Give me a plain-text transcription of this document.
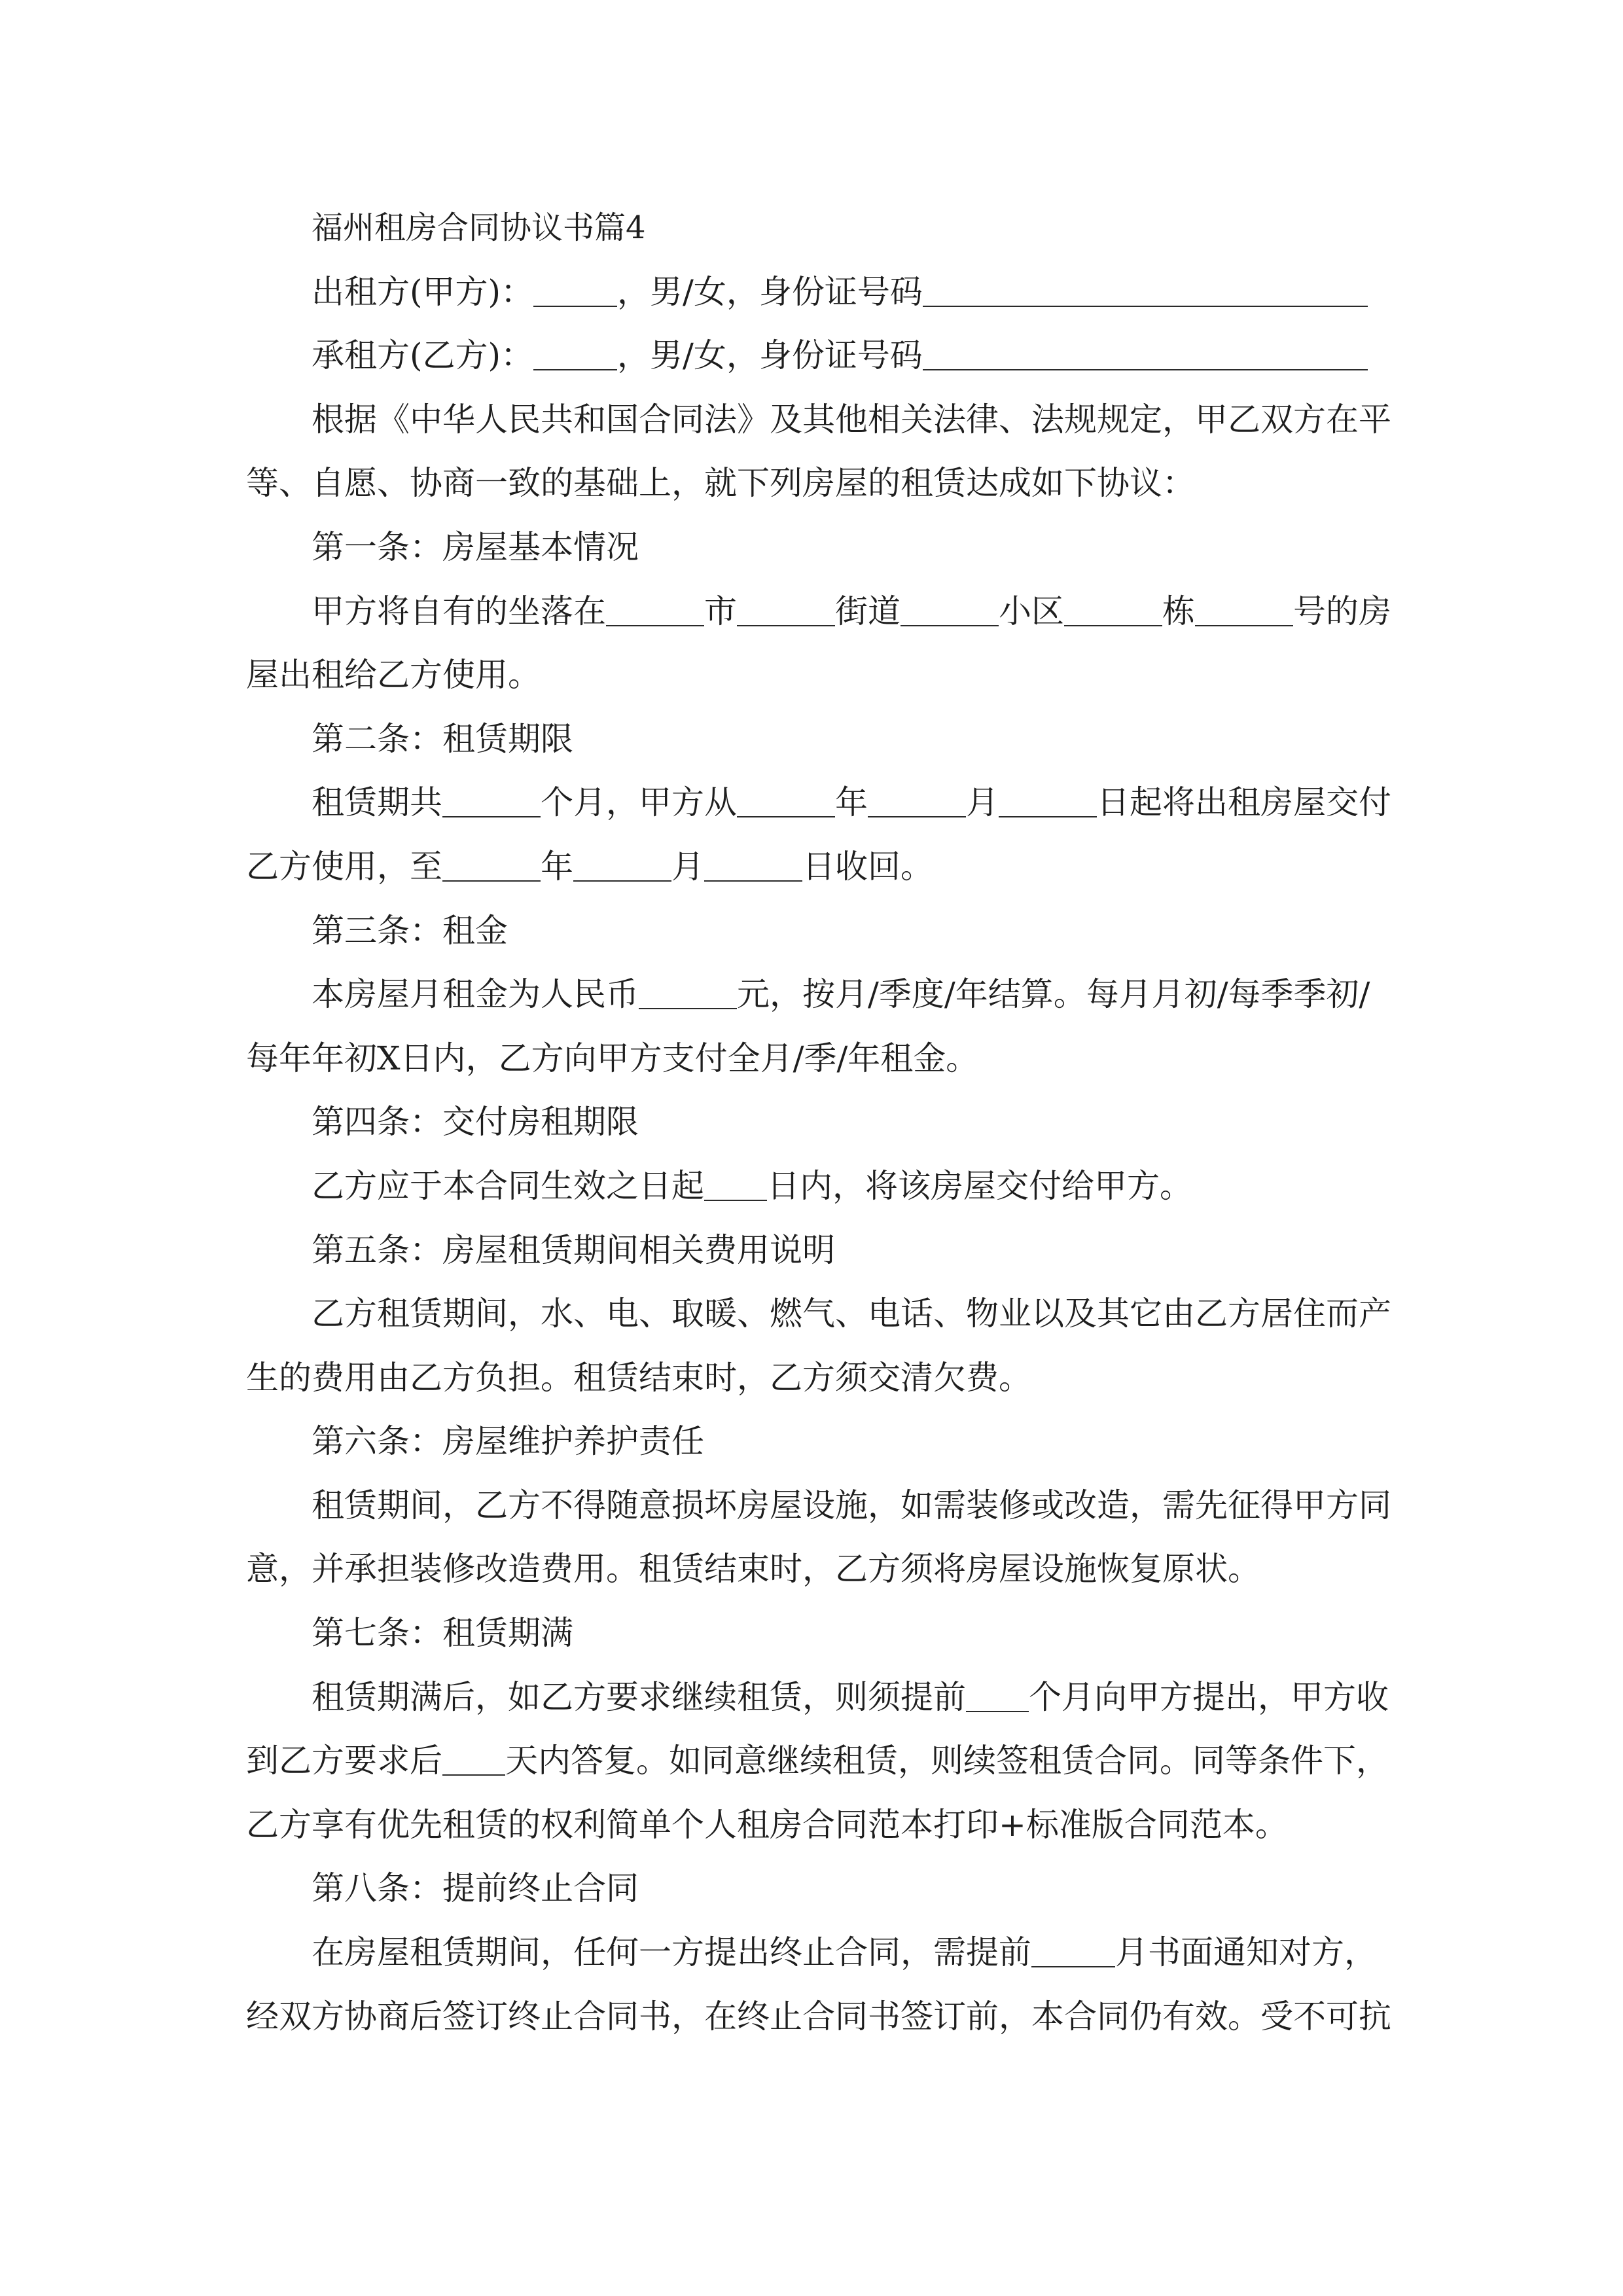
福州租房合同协议书篇4
出租方(甲方)：	，男/女，身份证号码
承租方(乙方)：	，男/女，身份证号码
根据《中华人民共和国合同法》及其他相关法律、法规规定，甲乙双方在平
等、自愿、协商一致的基础上，就下列房屋的租赁达成如下协议：
第一条：房屋基本情况
甲方将自有的坐落在	市	街道	小区	栋	号的房
屋出租给乙方使用。
第二条：租赁期限
租赁期共	个月，甲方从	年	月	日起将出租房屋交付
乙方使用，至	年	月	日收回。
第三条：租金
本房屋月租金为人民币	元，按月/季度/年结算。每月月初/每季季初/
每年年初X日内，乙方向甲方支付全月/季/年租金。
第四条：交付房租期限
乙方应于本合同生效之日起 日内，将该房屋交付给甲方。
第五条：房屋租赁期间相关费用说明
乙方租赁期间，水、电、取暖、燃气、电话、物业以及其它由乙方居住而产
生的费用由乙方负担。租赁结束时，乙方须交清欠费。
第六条：房屋维护养护责任
租赁期间，乙方不得随意损坏房屋设施，如需装修或改造，需先征得甲方同
意，并承担装修改造费用。租赁结束时，乙方须将房屋设施恢复原状。
第七条：租赁期满
租赁期满后，如乙方要求继续租赁，则须提前 个月向甲方提出，甲方收
到乙方要求后 天内答复。如同意继续租赁，则续签租赁合同。同等条件下，
乙方享有优先租赁的权利简单个人租房合同范本打印+标准版合同范本。
第八条：提前终止合同
在房屋租赁期间，任何一方提出终止合同，需提前	月书面通知对方，
经双方协商后签订终止合同书，在终止合同书签订前，本合同仍有效。受不可抗
